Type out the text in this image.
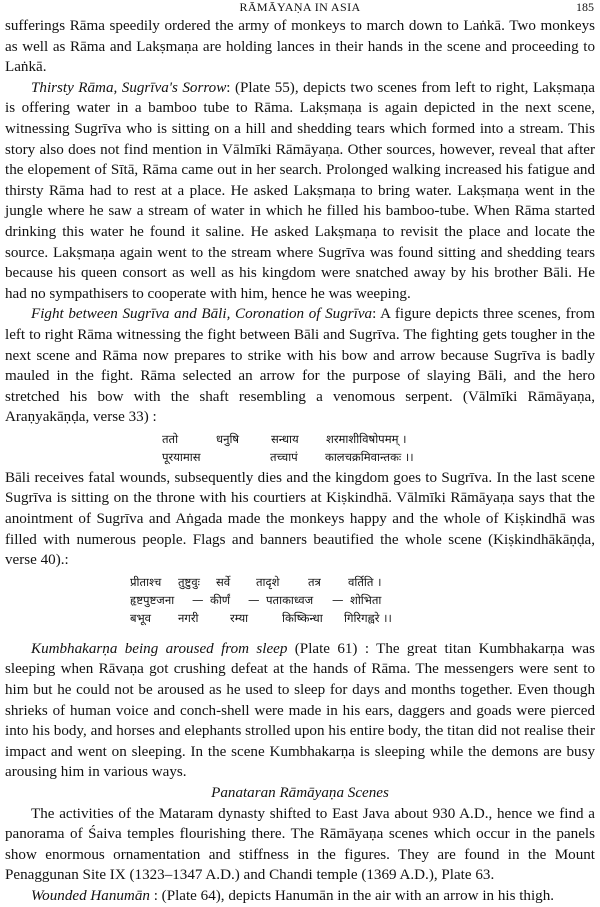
RĀMĀYAṆA IN ASIA	185

sufferings Rāma speedily ordered the army of monkeys to march down to Laṅkā. Two monkeys as well as Rāma and Lakṣmaṇa are holding lances in their hands in the scene and proceeding to Laṅkā.

Thirsty Rāma, Sugrīva's Sorrow: (Plate 55), depicts two scenes from left to right, Lakṣmaṇa is offering water in a bamboo tube to Rāma. Lakṣmaṇa is again depicted in the next scene, witnessing Sugrīva who is sitting on a hill and shedding tears which formed into a stream. This story also does not find mention in Vālmīki Rāmāyaṇa. Other sources, however, reveal that after the elopement of Sītā, Rāma came out in her search. Prolonged walking increased his fatigue and thirsty Rāma had to rest at a place. He asked Lakṣmaṇa to bring water. Lakṣmaṇa went in the jungle where he saw a stream of water in which he filled his bamboo-tube. When Rāma started drinking this water he found it saline. He asked Lakṣmaṇa to revisit the place and locate the source. Lakṣmaṇa again went to the stream where Sugrīva was found sitting and shedding tears because his queen consort as well as his kingdom were snatched away by his brother Bāli. He had no sympathisers to cooperate with him, hence he was weeping.

Fight between Sugrīva and Bāli, Coronation of Sugrīva: A figure depicts three scenes, from left to right Rāma witnessing the fight between Bāli and Sugrīva. The fighting gets tougher in the next scene and Rāma now prepares to strike with his bow and arrow because Sugrīva is badly mauled in the fight. Rāma selected an arrow for the purpose of slaying Bāli, and the hero stretched his bow with the shaft resembling a venomous serpent. (Vālmīki Rāmāyaṇa, Araṇyakāṇḍa, verse 33) :

ततो	धनुषि	सन्धाय	शरमाशीविषोपमम् ।
पूरयामास	तच्चापं	कालचक्रमिवान्तकः ।।

Bāli receives fatal wounds, subsequently dies and the kingdom goes to Sugrīva. In the last scene Sugrīva is sitting on the throne with his courtiers at Kiṣkindhā. Vālmīki Rāmāyaṇa says that the anointment of Sugrīva and Aṅgada made the monkeys happy and the whole of Kiṣkindhā was filled with numerous people. Flags and banners beautified the whole scene (Kiṣkindhākāṇḍa, verse 40).:

प्रीताश्च	तुष्टुवुः	सर्वे	तादृशे	तत्र	वर्तिति ।
हृष्टपुष्टजना	— कीर्णं	— पताकाध्वज	— शोभिता
बभूव	नगरी	रम्या	किष्किन्धा	गिरिगह्वरे ।।

Kumbhakarṇa being aroused from sleep (Plate 61) : The great titan Kumbhakarṇa was sleeping when Rāvaṇa got crushing defeat at the hands of Rāma. The messengers were sent to him but he could not be aroused as he used to sleep for days and months together. Even though shrieks of human voice and conch-shell were made in his ears, daggers and goads were pierced into his body, and horses and elephants strolled upon his entire body, the titan did not realise their impact and went on sleeping. In the scene Kumbhakarṇa is sleeping while the demons are busy arousing him in various ways.

Panataran Rāmāyaṇa Scenes

The activities of the Mataram dynasty shifted to East Java about 930 A.D., hence we find a panorama of Śaiva temples flourishing there. The Rāmāyaṇa scenes which occur in the panels show enormous ornamentation and stiffness in the figures. They are found in the Mount Penaggunan Site IX (1323–1347 A.D.) and Chandi temple (1369 A.D.), Plate 63.

Wounded Hanumān : (Plate 64), depicts Hanumān in the air with an arrow in his thigh.
